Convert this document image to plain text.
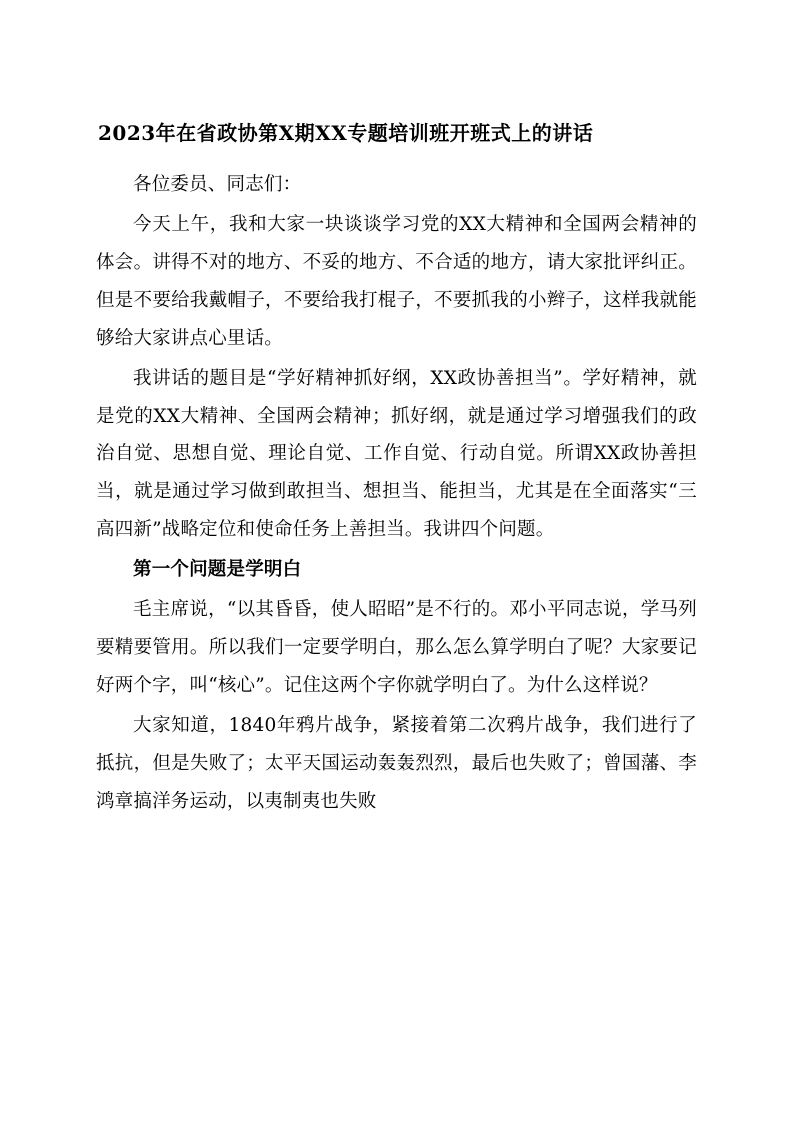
2023年在省政协第X期XX专题培训班开班式上的讲话

各位委员、同志们：

今天上午，我和大家一块谈谈学习党的XX大精神和全国两会精神的体会。讲得不对的地方、不妥的地方、不合适的地方，请大家批评纠正。但是不要给我戴帽子，不要给我打棍子，不要抓我的小辫子，这样我就能够给大家讲点心里话。

我讲话的题目是“学好精神抓好纲，XX政协善担当”。学好精神，就是党的XX大精神、全国两会精神；抓好纲，就是通过学习增强我们的政治自觉、思想自觉、理论自觉、工作自觉、行动自觉。所谓XX政协善担当，就是通过学习做到敢担当、想担当、能担当，尤其是在全面落实“三高四新”战略定位和使命任务上善担当。我讲四个问题。

第一个问题是学明白

毛主席说，“以其昏昏，使人昭昭”是不行的。邓小平同志说，学马列要精要管用。所以我们一定要学明白，那么怎么算学明白了呢？大家要记好两个字，叫“核心”。记住这两个字你就学明白了。为什么这样说？

大家知道，1840年鸦片战争，紧接着第二次鸦片战争，我们进行了抵抗，但是失败了；太平天国运动轰轰烈烈，最后也失败了；曾国藩、李鸿章搞洋务运动，以夷制夷也失败
